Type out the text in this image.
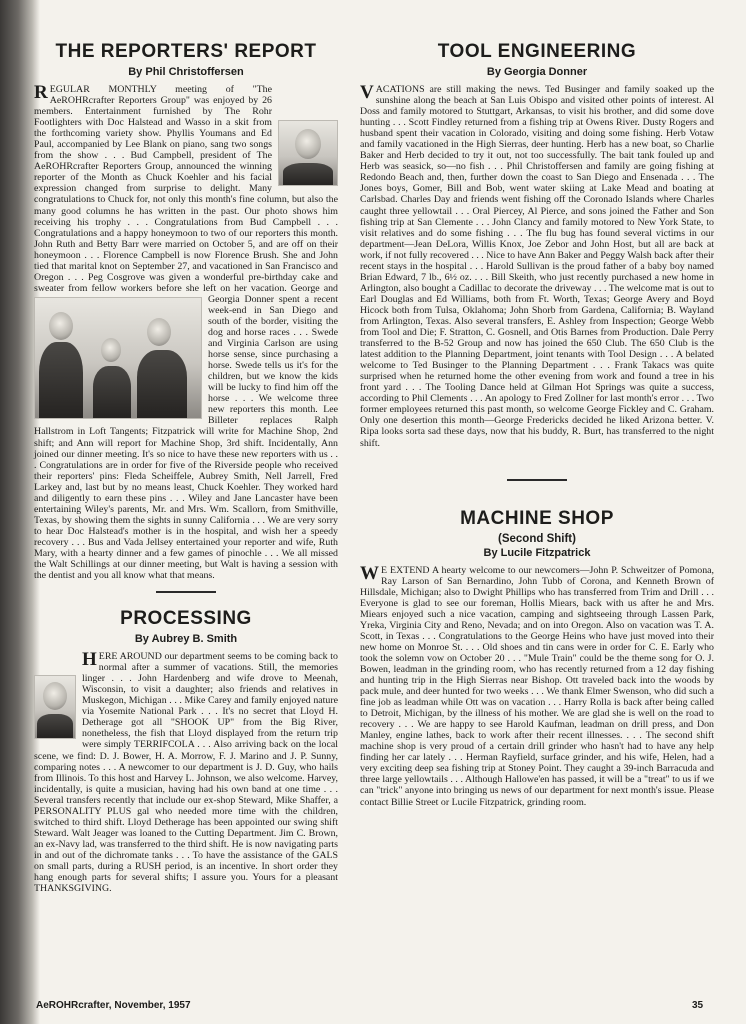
THE REPORTERS' REPORT
By Phil Christoffersen
REGULAR MONTHLY meeting of "The AeROHRcrafter Reporters Group" was enjoyed by 26 members. Entertainment furnished by The Rohr Footlighters with Doc Halstead and Wasso in a skit from the forthcoming variety show. Phyllis Youmans and Ed Paul, accompanied by Lee Blank on piano, sang two songs from the show . . . Bud Campbell, president of The AeROHRcrafter Reporters Group, announced the winning reporter of the Month as Chuck Koehler and his facial expression changed from surprise to delight. Many congratulations to Chuck for, not only this month's fine column, but also the many good columns he has written in the past. Our photo shows him receiving his trophy . . . Congratulations from Bud Campbell . . . Congratulations and a happy honeymoon to two of our reporters this month. John Ruth and Betty Barr were married on October 5, and are off on their honeymoon . . . Florence Campbell is now Florence Brush. She and John tied that marital knot on September 27, and vacationed in San Francisco and Oregon . . . Peg Cosgrove was given a wonderful pre-birthday cake and sweater from fellow workers before she left on her vacation. George and Georgia Donner spent a recent week-end in San Diego and south of the border, visiting the dog and horse races . . . Swede and Virginia Carlson are using horse sense, since purchasing a horse. Swede tells us it's for the children, but we know the kids will be lucky to find him off the horse . . . We welcome three new reporters this month. Lee Billeter replaces Ralph Hallstrom in Loft Tangents; Fitzpatrick will write for Machine Shop, 2nd shift; and Ann will report for Machine Shop, 3rd shift. Incidentally, Ann joined our dinner meeting. It's so nice to have these new reporters with us . . . Congratulations are in order for five of the Riverside people who received their reporters' pins: Fleda Scheiffele, Aubrey Smith, Nell Jarrell, Fred Larkey and, last but by no means least, Chuck Koehler. They worked hard and diligently to earn these pins . . . Wiley and Jane Lancaster have been entertaining Wiley's parents, Mr. and Mrs. Wm. Scallorn, from Smithville, Texas, by showing them the sights in sunny California . . . We are very sorry to hear Doc Halstead's mother is in the hospital, and wish her a speedy recovery . . . Bus and Vada Jellsey entertained your reporter and wife, Ruth Mary, with a hearty dinner and a few games of pinochle . . . We all missed the Walt Schillings at our dinner meeting, but Walt is having a session with the dentist and you all know what that means.
PROCESSING
By Aubrey B. Smith
HERE AROUND our department seems to be coming back to normal after a summer of vacations. Still, the memories linger . . . John Hardenberg and wife drove to Meenah, Wisconsin, to visit a daughter; also friends and relatives in Muskegon, Michigan . . . Mike Carey and family enjoyed nature via Yosemite National Park . . . It's no secret that Lloyd H. Detherage got all "SHOOK UP" from the Big River, nonetheless, the fish that Lloyd displayed from the return trip were simply TERRIFCOLA . . . Also arriving back on the local scene, we find: D. J. Bower, H. A. Morrow, F. J. Marino and J. P. Sunny, comparing notes . . . A newcomer to our department is J. D. Guy, who hails from Illinois. To this host and Harvey L. Johnson, we also welcome. Harvey, incidentally, is quite a musician, having had his own band at one time . . . Several transfers recently that include our ex-shop Steward, Mike Shaffer, a PERSONALITY PLUS gal who needed more time with the children, switched to third shift. Lloyd Detherage has been appointed our swing shift Steward. Walt Jeager was loaned to the Cutting Department. Jim C. Brown, an ex-Navy lad, was transferred to the third shift. He is now navigating parts in and out of the dichromate tanks . . . To have the assistance of the GALS on small parts, during a RUSH period, is an incentive. In short order they hang enough parts for several shifts; I assure you. Yours for a pleasant THANKSGIVING.
TOOL ENGINEERING
By Georgia Donner
VACATIONS are still making the news. Ted Businger and family soaked up the sunshine along the beach at San Luis Obispo and visited other points of interest. Al Doss and family motored to Stuttgart, Arkansas, to visit his brother, and did some dove hunting . . . Scott Findley returned from a fishing trip at Owens River. Dusty Rogers and husband spent their vacation in Colorado, visiting and doing some fishing. Herb Votaw and family vacationed in the High Sierras, deer hunting. Herb has a new boat, so Charlie Baker and Herb decided to try it out, not too successfully. The bait tank fouled up and Herb was seasick, so—no fish . . . Phil Christoffersen and family are going fishing at Redondo Beach and, then, further down the coast to San Diego and Ensenada . . . The Jones boys, Gomer, Bill and Bob, went water skiing at Lake Mead and boating at Carlsbad. Charles Day and friends went fishing off the Coronado Islands where Charles caught three yellowtail . . . Oral Piercey, Al Pierce, and sons joined the Father and Son fishing trip at San Clemente . . . John Clancy and family motored to New York State, to visit relatives and do some fishing . . . The flu bug has found several victims in our department—Jean DeLora, Willis Knox, Joe Zebor and John Host, but all are back at work, if not fully recovered . . . Nice to have Ann Baker and Peggy Walsh back after their recent stays in the hospital . . . Harold Sullivan is the proud father of a baby boy named Brian Edward, 7 lb., 6½ oz. . . . Bill Skeith, who just recently purchased a new home in Arlington, also bought a Cadillac to decorate the driveway . . . The welcome mat is out to Earl Douglas and Ed Williams, both from Ft. Worth, Texas; George Avery and Boyd Hicock both from Tulsa, Oklahoma; John Shorb from Gardena, California; B. Wayland from Arlington, Texas. Also several transfers, E. Ashley from Inspection; George Webb from Tool and Die; F. Stratton, C. Gosnell, and Otis Barnes from Production. Dale Perry transferred to the B-52 Group and now has joined the 650 Club. The 650 Club is the latest addition to the Planning Department, joint tenants with Tool Design . . . A belated welcome to Ted Businger to the Planning Department . . . Frank Takacs was quite surprised when he returned home the other evening from work and found a tree in his front yard . . . The Tooling Dance held at Gilman Hot Springs was quite a success, according to Phil Clements . . . An apology to Fred Zollner for last month's error . . . Two former employees returned this past month, so welcome George Fickley and C. Graham. Only one desertion this month—George Fredericks decided he liked Arizona better. V. Ripa looks sorta sad these days, now that his buddy, R. Burt, has transferred to the night shift.
MACHINE SHOP
(Second Shift)
By Lucile Fitzpatrick
W E EXTEND A hearty welcome to our newcomers—John P. Schweitzer of Pomona, Ray Larson of San Bernardino, John Tubb of Corona, and Kenneth Brown of Hillsdale, Michigan; also to Dwight Phillips who has transferred from Trim and Drill . . . Everyone is glad to see our foreman, Hollis Miears, back with us after he and Mrs. Miears enjoyed such a nice vacation, camping and sightseeing through Lassen Park, Yreka, Virginia City and Reno, Nevada; and on into Oregon. Also on vacation was T. A. Scott, in Texas . . . Congratulations to the George Heins who have just moved into their new home on Monroe St. . . . Old shoes and tin cans were in order for C. E. Early who took the solemn vow on October 20 . . . "Mule Train" could be the theme song for O. J. Bowen, leadman in the grinding room, who has recently returned from a 12 day fishing and hunting trip in the High Sierras near Bishop. Ott traveled back into the woods by pack mule, and deer hunted for two weeks . . . We thank Elmer Swenson, who did such a fine job as leadman while Ott was on vacation . . . Harry Rolla is back after being called to Detroit, Michigan, by the illness of his mother. We are glad she is well on the road to recovery . . . We are happy to see Harold Kaufman, leadman on drill press, and Don Manley, engine lathes, back to work after their recent illnesses. . . . The second shift machine shop is very proud of a certain drill grinder who hasn't had to have any help finding her car lately . . . Herman Rayfield, surface grinder, and his wife, Helen, had a very exciting deep sea fishing trip at Stoney Point. They caught a 39-inch Barracuda and three large yellowtails . . . Although Hallowe'en has passed, it will be a "treat" to us if we can "trick" anyone into bringing us news of our department for next month's issue. Please contact Billie Street or Lucile Fitzpatrick, grinding room.
AeROHRcrafter, November, 1957	35
